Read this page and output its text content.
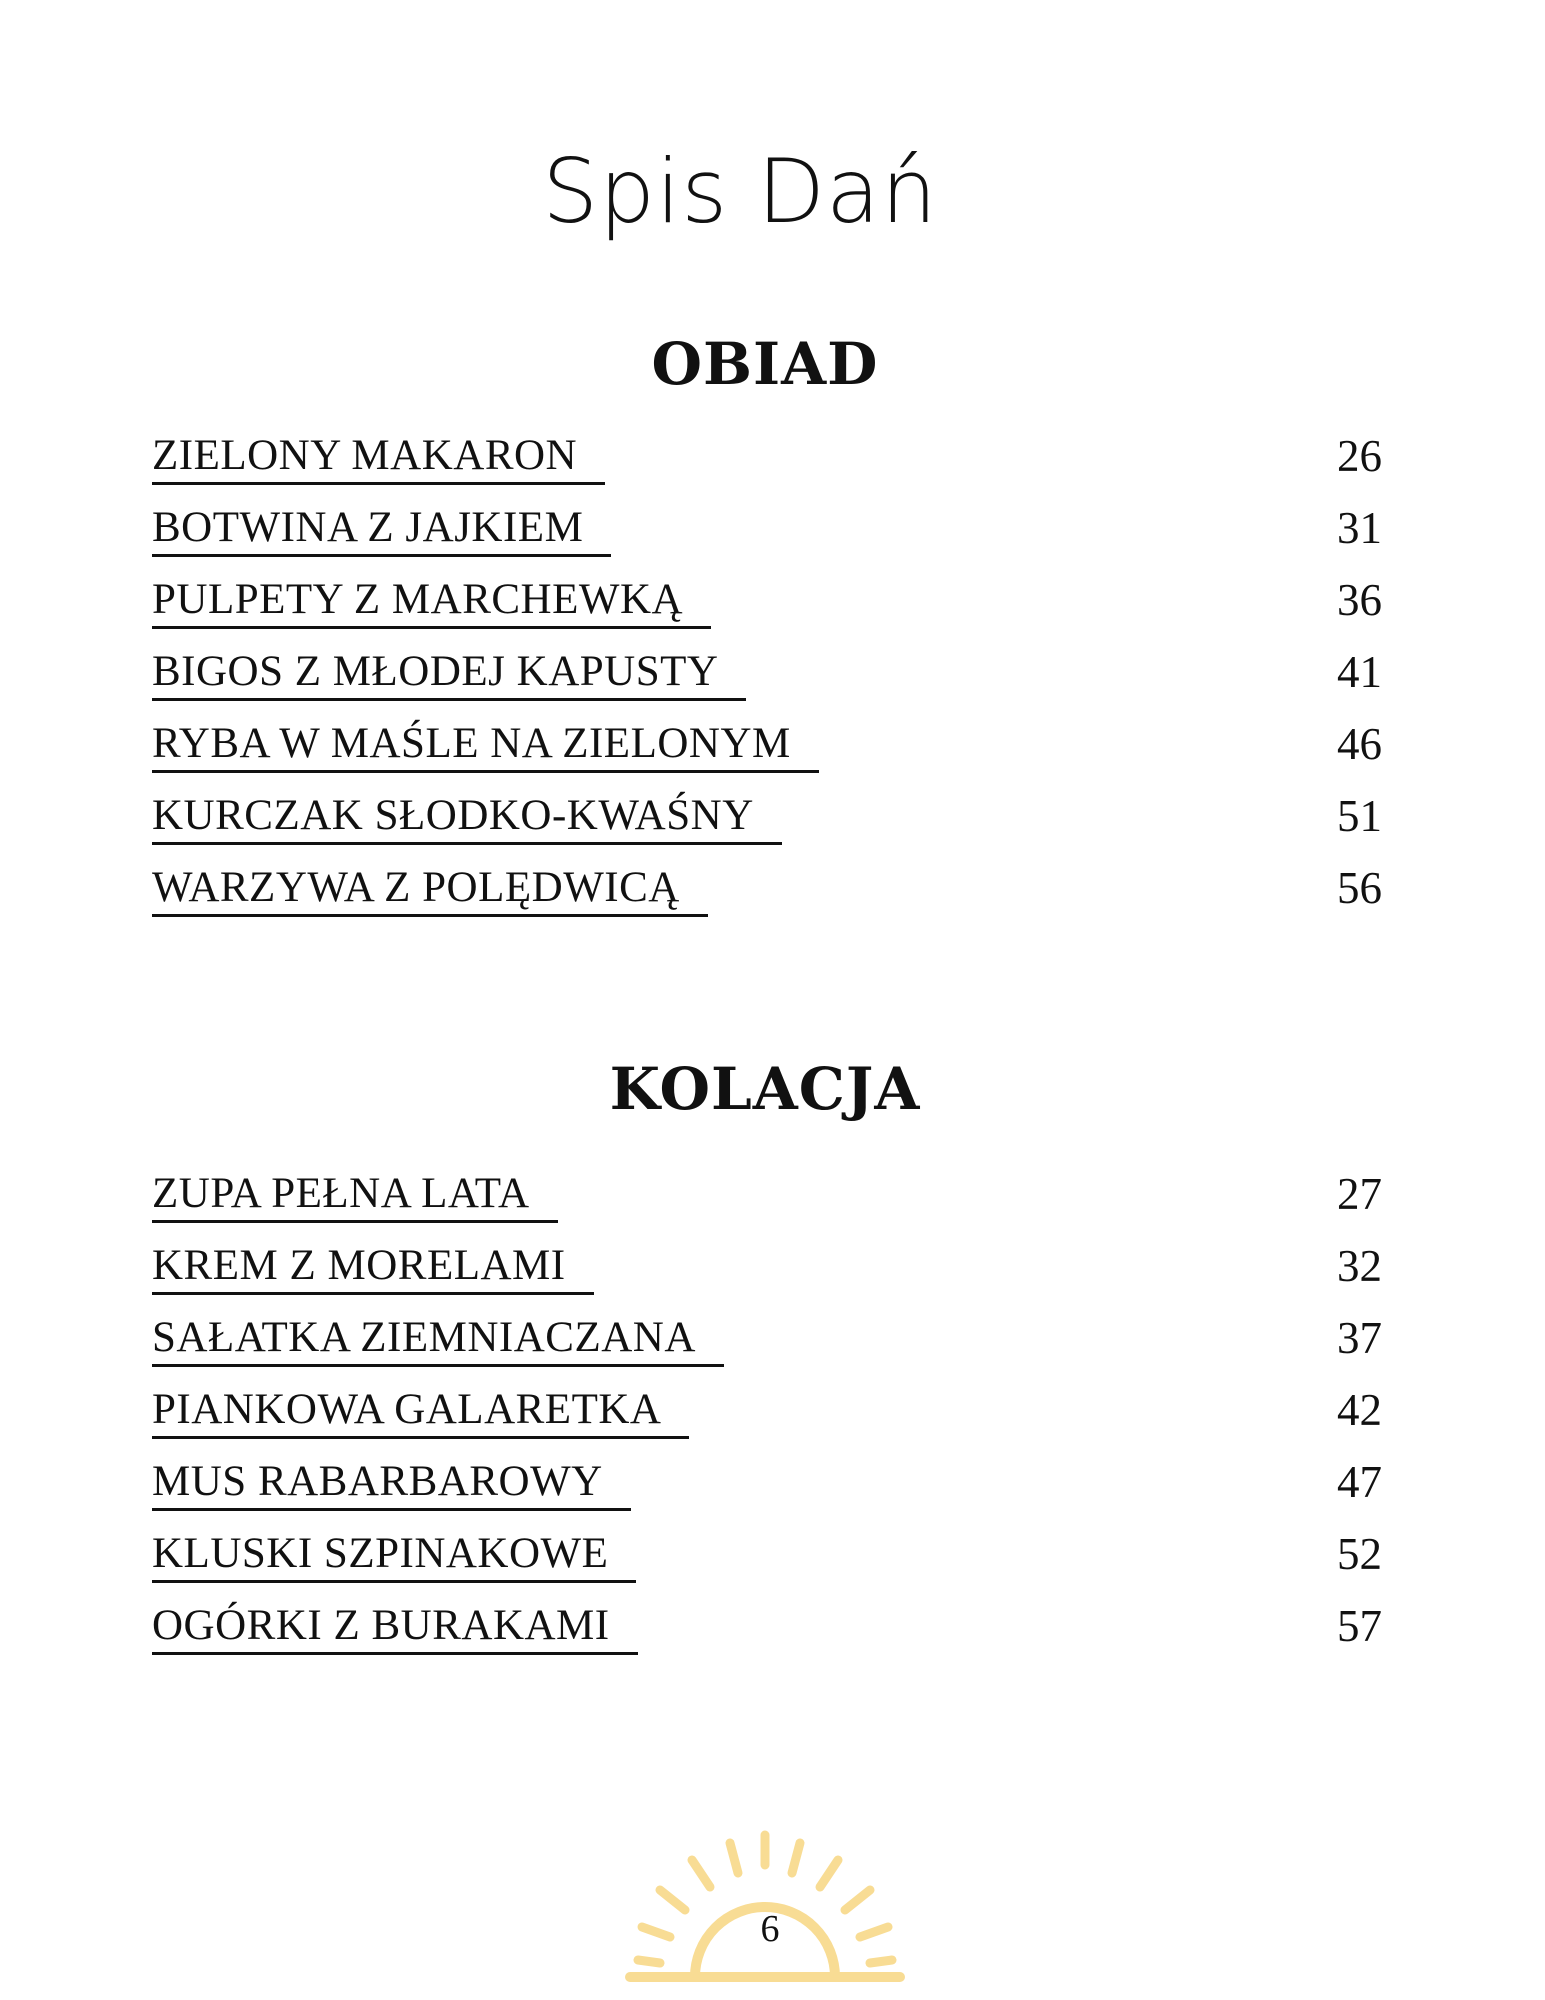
Spis Dań
OBIAD
ZIELONY MAKARON	26
BOTWINA Z JAJKIEM	31
PULPETY Z MARCHEWKĄ	36
BIGOS Z MŁODEJ KAPUSTY	41
RYBA W MAŚLE NA ZIELONYM	46
KURCZAK SŁODKO-KWAŚNY	51
WARZYWA Z POLĘDWICĄ	56
KOLACJA
ZUPA PEŁNA LATA	27
KREM Z MORELAMI	32
SAŁATKA ZIEMNIACZANA	37
PIANKOWA GALARETKA	42
MUS RABARBAROWY	47
KLUSKI SZPINAKOWE	52
OGÓRKI Z BURAKAMI	57
6
